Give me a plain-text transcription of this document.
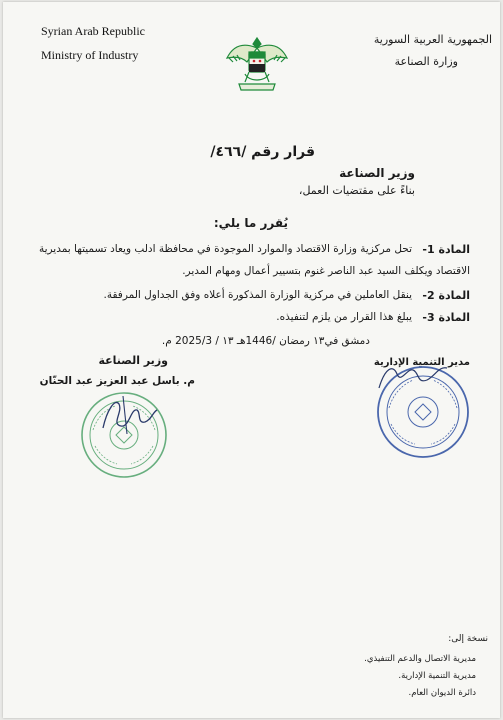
Syrian Arab Republic
Ministry of Industry
الجمهورية العربية السورية
وزارة الصناعة
قرار رقم /٤٦٦/
وزير الصناعة
بناءً على مقتضيات العمل،
يُقرر ما يلي:
المادة 1-
تحل مركزية وزارة الاقتصاد والموارد الموجودة في محافظة ادلب ويعاد تسميتها بمديرية
الاقتصاد ويكلف السيد عبد الناصر غنوم بتسيير أعمال ومهام المدير.
المادة 2-
ينقل العاملين في مركزية الوزارة المذكورة أعلاه وفق الجداول المرفقة.
المادة 3-
يبلغ هذا القرار من يلزم لتنفيذه.
دمشق في١٣ رمضان /1446هـ ١٣ / 2025/3 م.
وزير الصناعة
م. باسل عبد العزيز عبد الحنّان
مدير التنمية الإدارية
نسخة إلى:
مديرية الاتصال والدعم التنفيذي.
مديرية التنمية الإدارية.
دائرة الديوان العام.
